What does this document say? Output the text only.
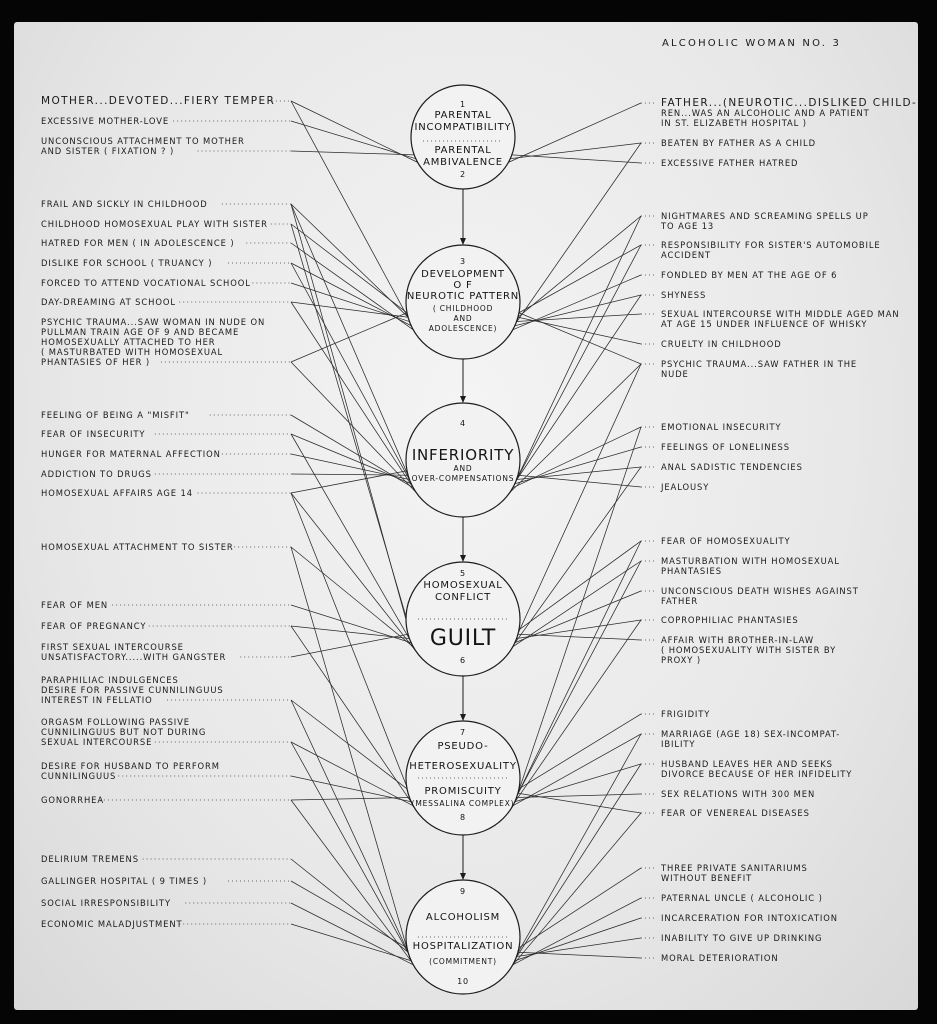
ALCOHOLIC WOMAN NO. 3
1
PARENTAL
INCOMPATIBILITY
PARENTAL
AMBIVALENCE
2
3
DEVELOPMENT
O F
NEUROTIC PATTERN
( CHILDHOOD
AND
ADOLESCENCE)
4
INFERIORITY
AND
OVER-COMPENSATIONS
5
HOMOSEXUAL
CONFLICT
GUILT
6
7
PSEUDO-
HETEROSEXUALITY
PROMISCUITY
(MESSALINA COMPLEX)
8
9
ALCOHOLISM
HOSPITALIZATION
(COMMITMENT)
10
MOTHER...DEVOTED...FIERY TEMPER
EXCESSIVE MOTHER-LOVE
UNCONSCIOUS ATTACHMENT TO MOTHER
AND SISTER ( FIXATION ? )
FRAIL AND SICKLY IN CHILDHOOD
CHILDHOOD HOMOSEXUAL PLAY WITH SISTER
HATRED FOR MEN ( IN ADOLESCENCE )
DISLIKE FOR SCHOOL ( TRUANCY )
FORCED TO ATTEND VOCATIONAL SCHOOL
DAY-DREAMING AT SCHOOL
PSYCHIC TRAUMA...SAW WOMAN IN NUDE ON
PULLMAN TRAIN AGE OF 9 AND BECAME
HOMOSEXUALLY ATTACHED TO HER
( MASTURBATED WITH HOMOSEXUAL
PHANTASIES OF HER )
FEELING OF BEING A "MISFIT"
FEAR OF INSECURITY
HUNGER FOR MATERNAL AFFECTION
ADDICTION TO DRUGS
HOMOSEXUAL AFFAIRS AGE 14
HOMOSEXUAL ATTACHMENT TO SISTER
FEAR OF MEN
FEAR OF PREGNANCY
FIRST SEXUAL INTERCOURSE
UNSATISFACTORY.....WITH GANGSTER
PARAPHILIAC INDULGENCES
DESIRE FOR PASSIVE CUNNILINGUUS
INTEREST IN FELLATIO
ORGASM FOLLOWING PASSIVE
CUNNILINGUUS BUT NOT DURING
SEXUAL INTERCOURSE
DESIRE FOR HUSBAND TO PERFORM
CUNNILINGUUS
GONORRHEA
DELIRIUM TREMENS
GALLINGER HOSPITAL ( 9 TIMES )
SOCIAL IRRESPONSIBILITY
ECONOMIC MALADJUSTMENT
FATHER...(NEUROTIC...DISLIKED CHILD-
REN...WAS AN ALCOHOLIC AND A PATIENT
IN ST. ELIZABETH HOSPITAL )
BEATEN BY FATHER AS A CHILD
EXCESSIVE FATHER HATRED
NIGHTMARES AND SCREAMING SPELLS UP
TO AGE 13
RESPONSIBILITY FOR SISTER'S AUTOMOBILE
ACCIDENT
FONDLED BY MEN AT THE AGE OF 6
SHYNESS
SEXUAL INTERCOURSE WITH MIDDLE AGED MAN
AT AGE 15 UNDER INFLUENCE OF WHISKY
CRUELTY IN CHILDHOOD
PSYCHIC TRAUMA...SAW FATHER IN THE
NUDE
EMOTIONAL INSECURITY
FEELINGS OF LONELINESS
ANAL SADISTIC TENDENCIES
JEALOUSY
FEAR OF HOMOSEXUALITY
MASTURBATION WITH HOMOSEXUAL
PHANTASIES
UNCONSCIOUS DEATH WISHES AGAINST
FATHER
COPROPHILIAC PHANTASIES
AFFAIR WITH BROTHER-IN-LAW
( HOMOSEXUALITY WITH SISTER BY
PROXY )
FRIGIDITY
MARRIAGE (AGE 18) SEX-INCOMPAT-
IBILITY
HUSBAND LEAVES HER AND SEEKS
DIVORCE BECAUSE OF HER INFIDELITY
SEX RELATIONS WITH 300 MEN
FEAR OF VENEREAL DISEASES
THREE PRIVATE SANITARIUMS
WITHOUT BENEFIT
PATERNAL UNCLE ( ALCOHOLIC )
INCARCERATION FOR INTOXICATION
INABILITY TO GIVE UP DRINKING
MORAL DETERIORATION
